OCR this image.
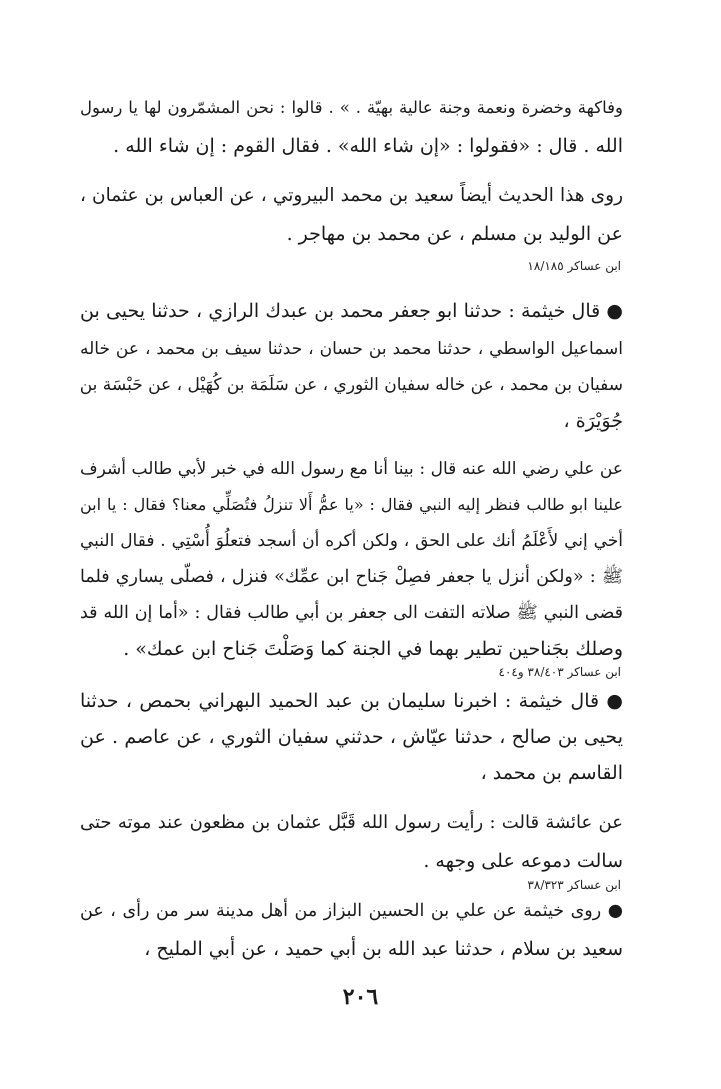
وفاكهة وخضرة ونعمة وجنة عالية بهيّة . » . قالوا : نحن المشمّرون لها يا رسول
الله . قال : «فقولوا : «إن شاء الله» . فقال القوم : إن شاء الله .
روى هذا الحديث أيضاً سعيد بن محمد البيروتي ، عن العباس بن عثمان ،
عن الوليد بن مسلم ، عن محمد بن مهاجر .
ابن عساكر ١٨/١٨٥
● قال خيثمة : حدثنا ابو جعفر محمد بن عبدك الرازي ، حدثنا يحيى بن
اسماعيل الواسطي ، حدثنا محمد بن حسان ، حدثنا سيف بن محمد ، عن خاله
سفيان بن محمد ، عن خاله سفيان الثوري ، عن سَلَمَة بن كُهَيْل ، عن حَبْسَة بن
جُوَيْرَة ،
عن علي رضي الله عنه قال : بينا أنا مع رسول الله في خبر لأبي طالب أشرف
علينا ابو طالب فنظر إليه النبي فقال : «يا عمُّ أَلا تنزلُ فتُصَلِّي معنا؟ فقال : يا ابن
أخي إني لأَعْلَمُ أنك على الحق ، ولكن أكره أن أسجد فتعلُوَ أُسْتِي . فقال النبي
ﷺ : «ولكن أنزل يا جعفر فصِلْ جَناح ابن عمِّك» فنزل ، فصلّى يساري فلما
قضى النبي ﷺ صلاته التفت الى جعفر بن أبي طالب فقال : «أما إن الله قد
وصلك بجَناحين تطير بهما في الجنة كما وَصَلْتَ جَناح ابن عمك» .
ابن عساكر ٣٨/٤٠٣ و٤٠٤
● قال خيثمة : اخبرنا سليمان بن عبد الحميد البهراني بحمص ، حدثنا
يحيى بن صالح ، حدثنا عيّاش ، حدثني سفيان الثوري ، عن عاصم . عن
القاسم بن محمد ،
عن عائشة قالت : رأيت رسول الله قَبَّل عثمان بن مظعون عند موته حتى
سالت دموعه على وجهه .
ابن عساكر ٣٨/٣٢٣
● روى خيثمة عن علي بن الحسين البزاز من أهل مدينة سر من رأى ، عن
سعيد بن سلام ، حدثنا عبد الله بن أبي حميد ، عن أبي المليح ،
٢٠٦
